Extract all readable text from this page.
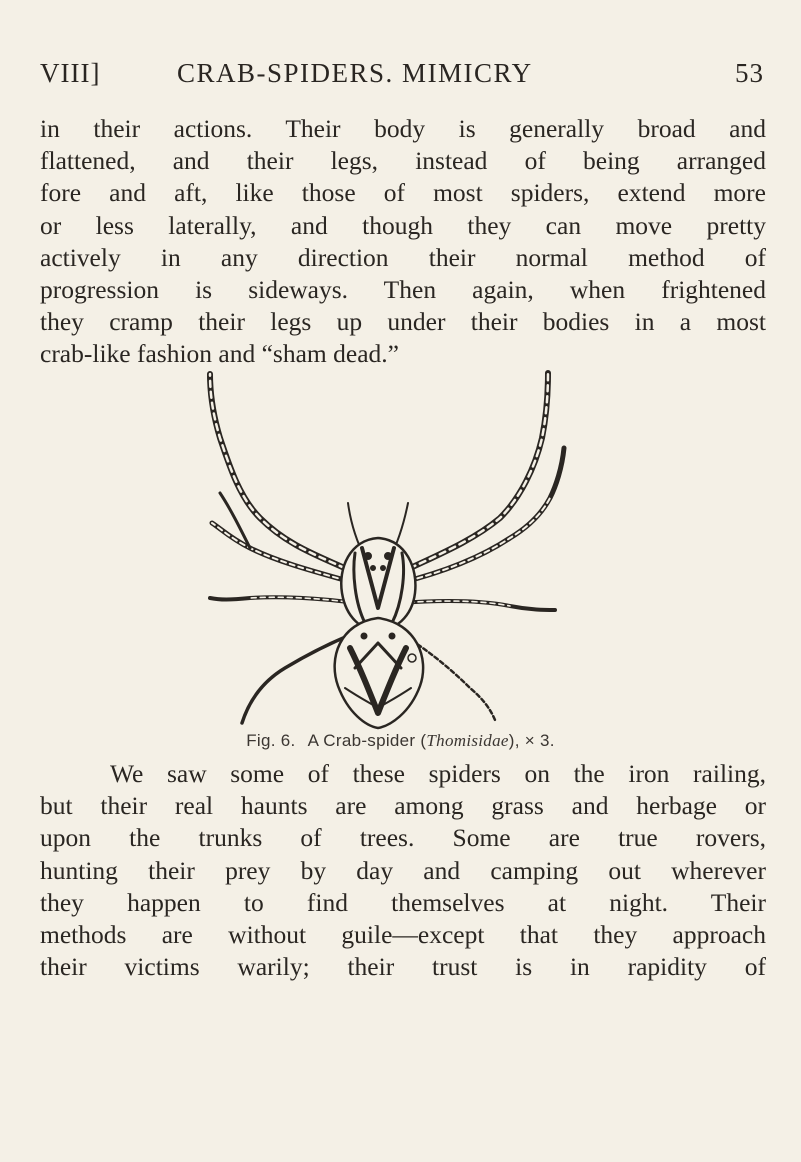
VIII]	CRAB-SPIDERS. MIMICRY	53

in their actions. Their body is generally broad and
flattened, and their legs, instead of being arranged
fore and aft, like those of most spiders, extend more
or less laterally, and though they can move pretty
actively in any direction their normal method of
progression is sideways. Then again, when frightened
they cramp their legs up under their bodies in a most
crab-like fashion and “sham dead.”

Fig. 6. A Crab-spider (Thomisidae), × 3.

We saw some of these spiders on the iron railing,
but their real haunts are among grass and herbage or
upon the trunks of trees. Some are true rovers,
hunting their prey by day and camping out wherever
they happen to find themselves at night. Their
methods are without guile—except that they approach
their victims warily; their trust is in rapidity of
